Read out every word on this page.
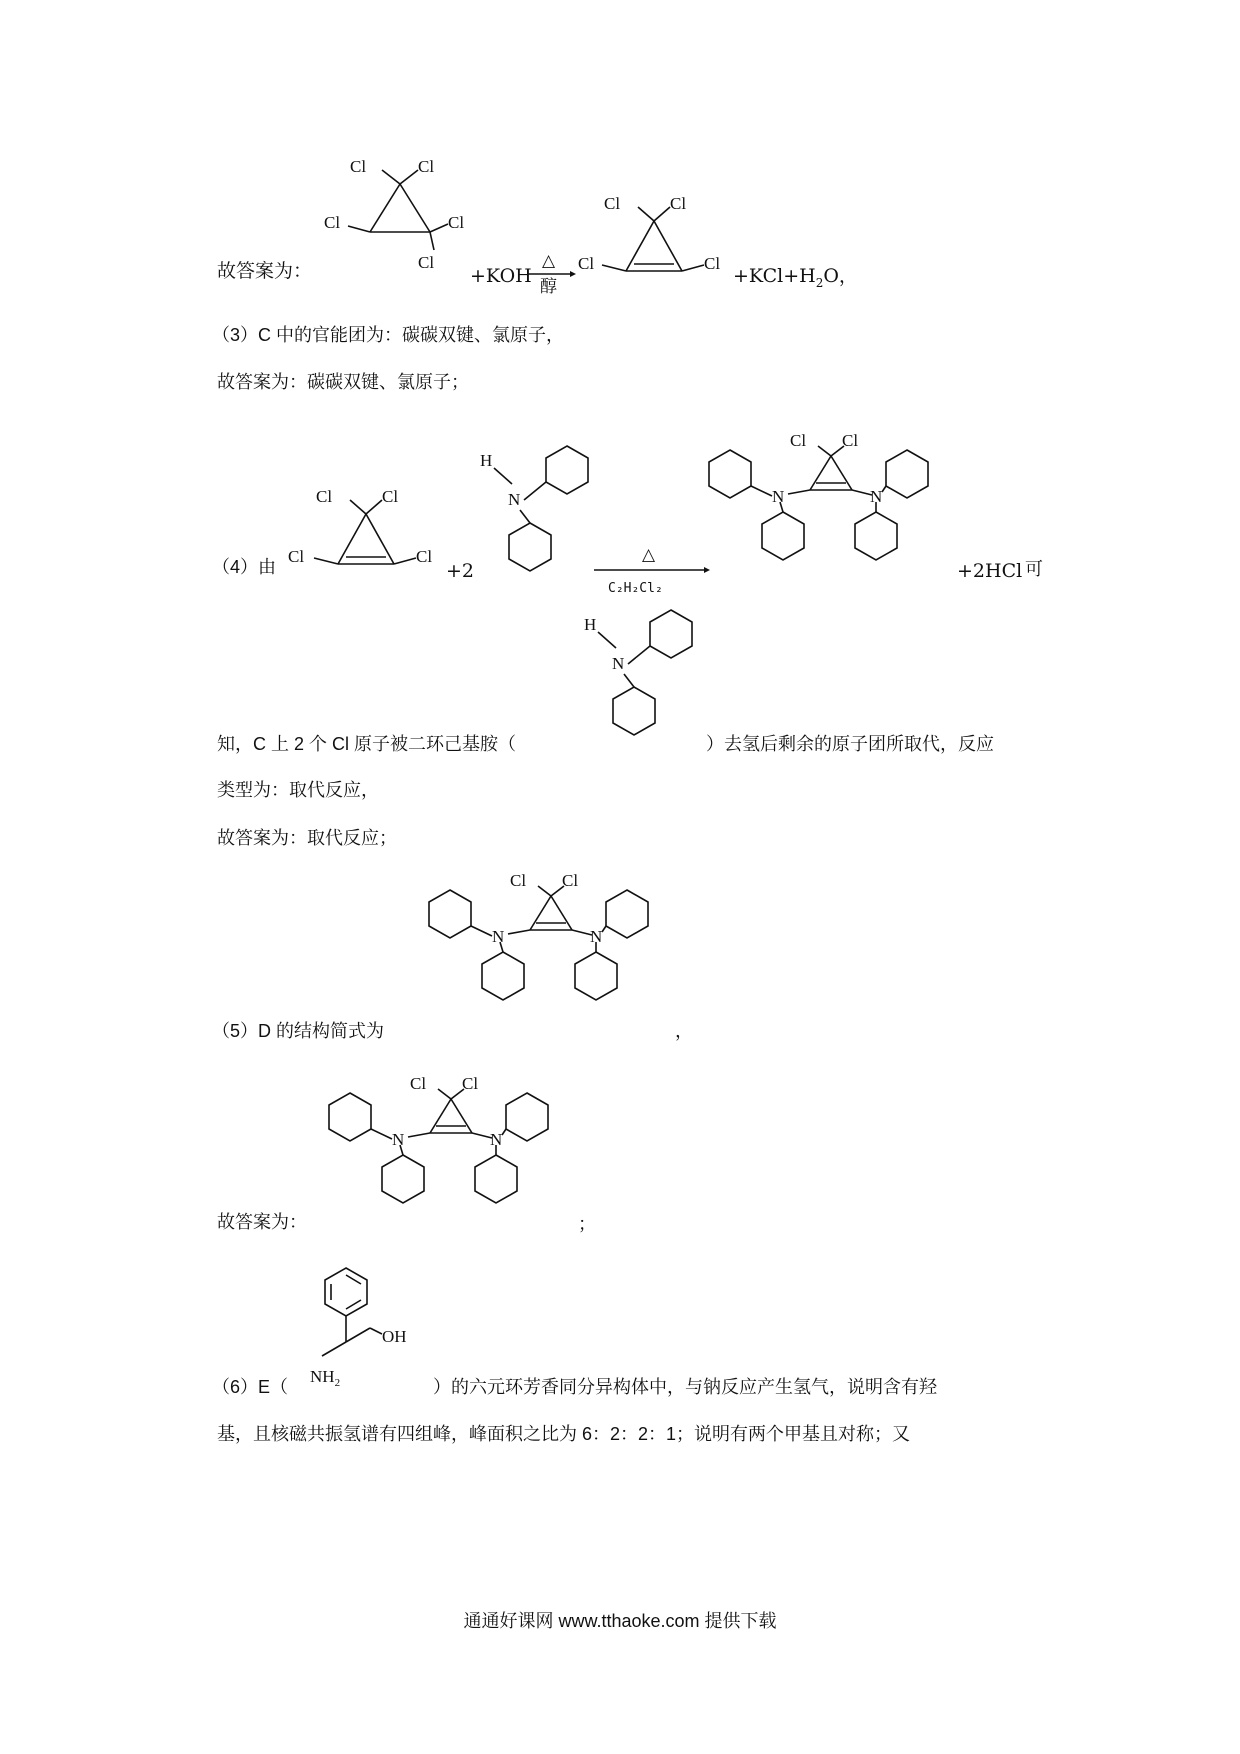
故答案为：
Cl	Cl
Cl	Cl
Cl
+KOH
△
醇
Cl	Cl
Cl	Cl
$+KCl+H_2O$，
（3）C 中的官能团为：碳碳双键、氯原子，
故答案为：碳碳双键、氯原子；
（4）由
Cl	Cl
Cl	Cl
+2
H
N
△
C₂H₂Cl₂
N	N
Cl Cl
+2HCl 可
H
N
知，C 上 2 个 Cl 原子被二环己基胺（	）去氢后剩余的原子团所取代，反应
类型为：取代反应，
故答案为：取代反应；
N	N
Cl Cl
（5）D 的结构简式为	，
N	N
Cl Cl
故答案为：	；
（6）E（
OH
$NH_2$	）的六元环芳香同分异构体中，与钠反应产生氢气，说明含有羟
基，且核磁共振氢谱有四组峰，峰面积之比为 6：2：2：1；说明有两个甲基且对称；又
通通好课网 www.tthaoke.com 提供下载
